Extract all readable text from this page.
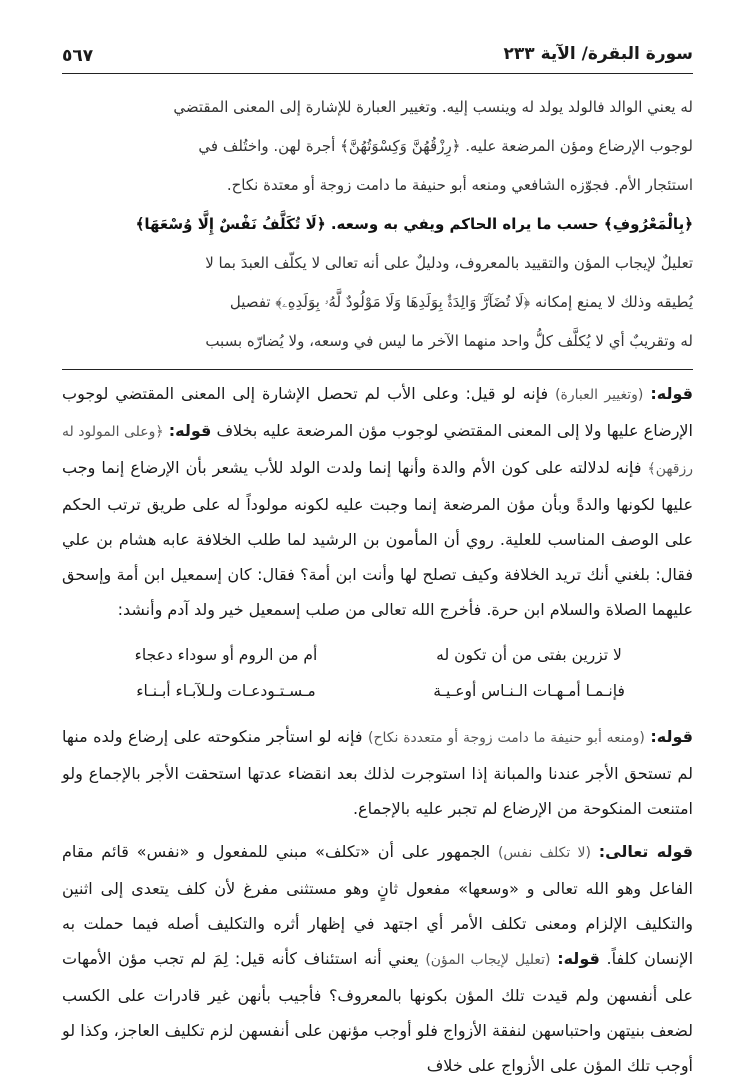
سورة البقرة/ الآية ٢٣٣
٥٦٧

له يعني الوالد فالولد يولد له وينسب إليه. وتغيير العبارة للإشارة إلى المعنى المقتضي

لوجوب الإرضاع ومؤن المرضعة عليه. ﴿رِزْقُهُنَّ وَكِسْوَتُهُنَّ﴾ أجرة لهن. واختُلف في

استئجار الأم. فجوّزه الشافعي ومنعه أبو حنيفة ما دامت زوجة أو معتدة نكاح.

﴿بِالْمَعْرُوفِ﴾ حسب ما يراه الحاكم ويفي به وسعه. ﴿لَا تُكَلَّفُ نَفْسٌ إِلَّا وُسْعَهَا﴾

تعليلٌ لإيجاب المؤن والتقييد بالمعروف، ودليلٌ على أنه تعالى لا يكلّف العبدَ بما لا

يُطيقه وذلك لا يمنع إمكانه ﴿لَا تُضَآرَّ وَالِدَةٌۢ بِوَلَدِهَا وَلَا مَوْلُودٌ لَّهُۥ بِوَلَدِهِۦ﴾ تفصيل

له وتقريبٌ أي لا يُكلَّف كلُّ واحد منهما الآخر ما ليس في وسعه، ولا يُضارّه بسبب

قوله: (وتغيير العبارة) فإنه لو قيل: وعلى الأب لم تحصل الإشارة إلى المعنى المقتضي لوجوب الإرضاع عليها ولا إلى المعنى المقتضي لوجوب مؤن المرضعة عليه بخلاف قوله: ﴿وعلى المولود له رزقهن﴾ فإنه لدلالته على كون الأم والدة وأنها إنما ولدت الولد للأب يشعر بأن الإرضاع إنما وجب عليها لكونها والدةً وبأن مؤن المرضعة إنما وجبت عليه لكونه مولوداً له على طريق ترتب الحكم على الوصف المناسب للعلية. روي أن المأمون بن الرشيد لما طلب الخلافة عابه هشام بن علي فقال: بلغني أنك تريد الخلافة وكيف تصلح لها وأنت ابن أمة؟ فقال: كان إسمعيل ابن أمة وإسحق عليهما الصلاة والسلام ابن حرة. فأخرج الله تعالى من صلب إسمعيل خير ولد آدم وأنشد:

لا تزرين بفتى من أن تكون له
أم من الروم أو سوداء دعجاء
فإنـمـا أمـهـات الـنـاس أوعـيـة
مـسـتـودعـات ولـلآبـاء أبـنـاء

قوله: (ومنعه أبو حنيفة ما دامت زوجة أو متعددة نكاح) فإنه لو استأجر منكوحته على إرضاع ولده منها لم تستحق الأجر عندنا والمبانة إذا استوجرت لذلك بعد انقضاء عدتها استحقت الأجر بالإجماع ولو امتنعت المنكوحة من الإرضاع لم تجبر عليه بالإجماع.

قوله تعالى: (لا تكلف نفس) الجمهور على أن «تكلف» مبني للمفعول و «نفس» قائم مقام الفاعل وهو الله تعالى و «وسعها» مفعول ثانٍ وهو مستثنى مفرغ لأن كلف يتعدى إلى اثنين والتكليف الإلزام ومعنى تكلف الأمر أي اجتهد في إظهار أثره والتكليف أصله فيما حملت به الإنسان كلفاً. قوله: (تعليل لإيجاب المؤن) يعني أنه استئناف كأنه قيل: لِمَ لم تجب مؤن الأمهات على أنفسهن ولم قيدت تلك المؤن بكونها بالمعروف؟ فأجيب بأنهن غير قادرات على الكسب لضعف بنيتهن واحتباسهن لنفقة الأزواج فلو أوجب مؤنهن على أنفسهن لزم تكليف العاجز، وكذا لو أوجب تلك المؤن على الأزواج على خلاف
